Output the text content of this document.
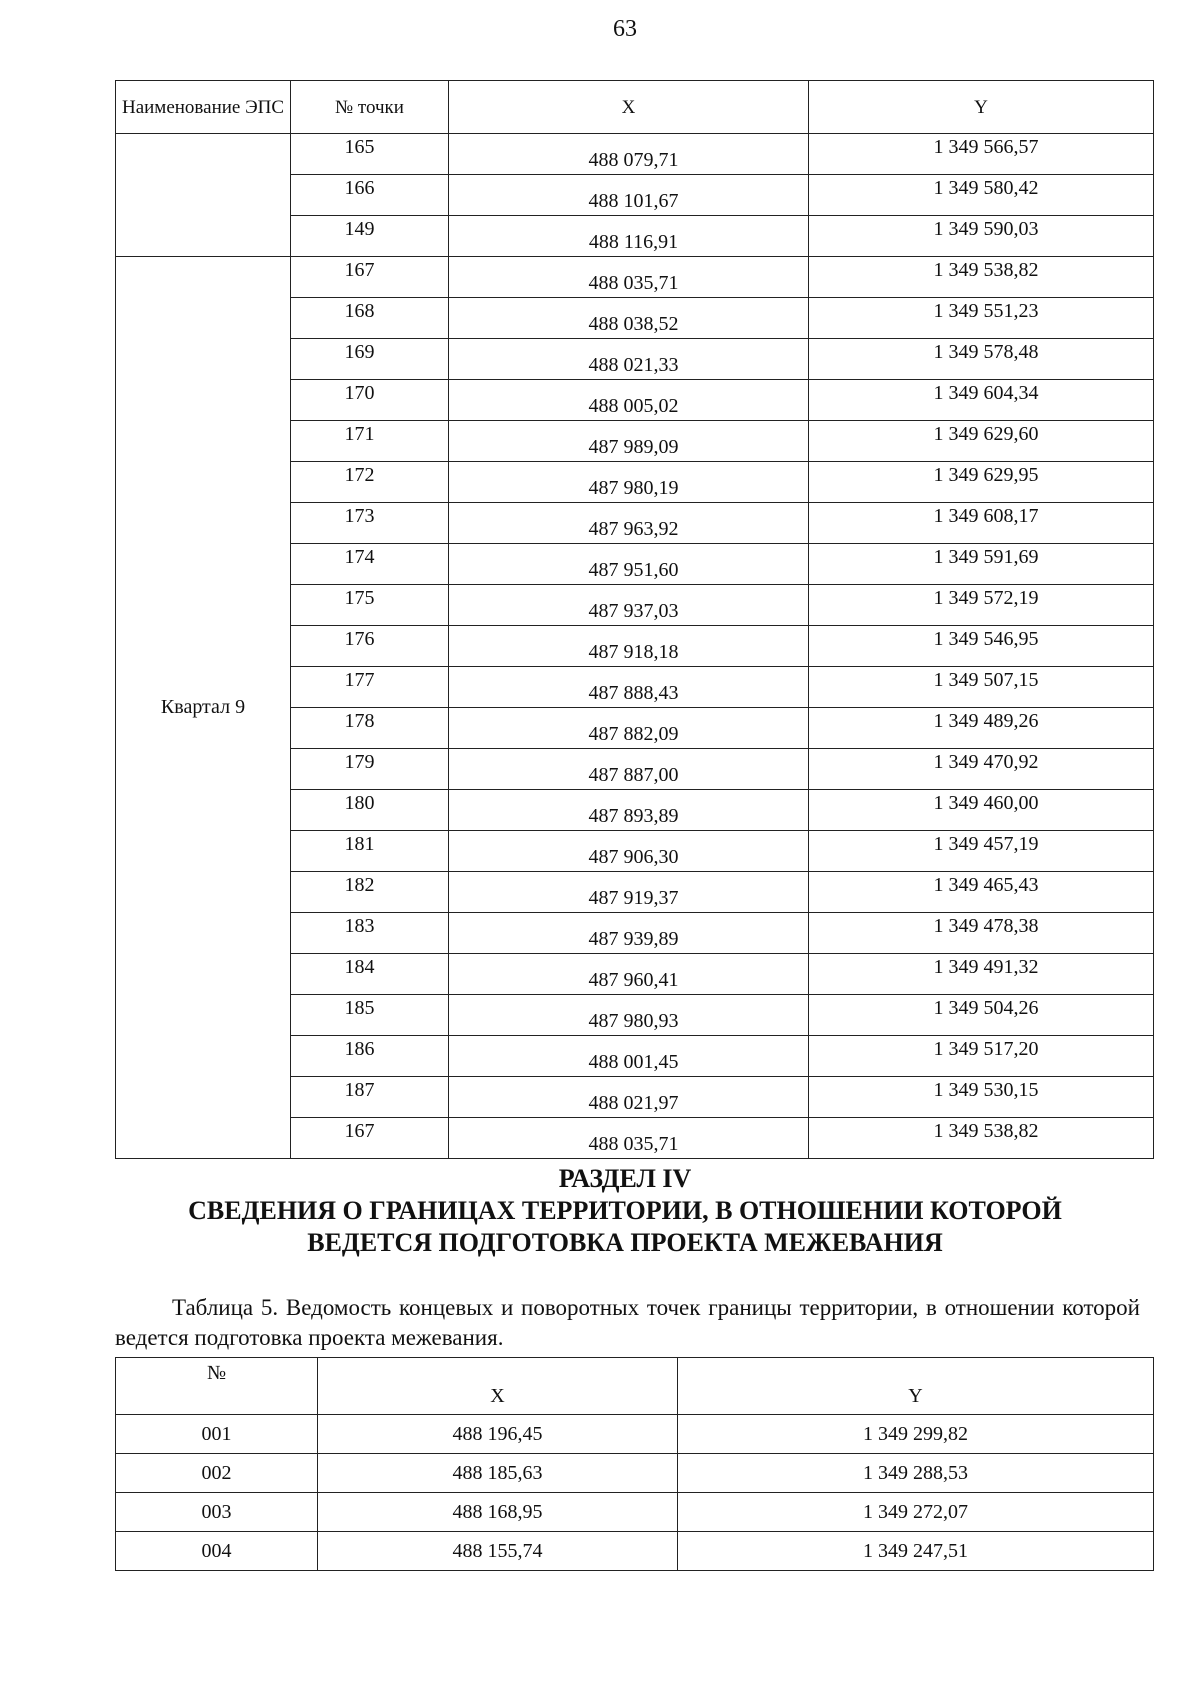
63
Наименование ЭПС	№ точки	X	Y
	165	488 079,71	1 349 566,57
	166	488 101,67	1 349 580,42
	149	488 116,91	1 349 590,03
Квартал 9	167	488 035,71	1 349 538,82
	168	488 038,52	1 349 551,23
	169	488 021,33	1 349 578,48
	170	488 005,02	1 349 604,34
	171	487 989,09	1 349 629,60
	172	487 980,19	1 349 629,95
	173	487 963,92	1 349 608,17
	174	487 951,60	1 349 591,69
	175	487 937,03	1 349 572,19
	176	487 918,18	1 349 546,95
	177	487 888,43	1 349 507,15
	178	487 882,09	1 349 489,26
	179	487 887,00	1 349 470,92
	180	487 893,89	1 349 460,00
	181	487 906,30	1 349 457,19
	182	487 919,37	1 349 465,43
	183	487 939,89	1 349 478,38
	184	487 960,41	1 349 491,32
	185	487 980,93	1 349 504,26
	186	488 001,45	1 349 517,20
	187	488 021,97	1 349 530,15
	167	488 035,71	1 349 538,82
РАЗДЕЛ IV
СВЕДЕНИЯ О ГРАНИЦАХ ТЕРРИТОРИИ, В ОТНОШЕНИИ КОТОРОЙ
ВЕДЕТСЯ ПОДГОТОВКА ПРОЕКТА МЕЖЕВАНИЯ
Таблица 5. Ведомость концевых и поворотных точек границы территории, в отношении которой ведется подготовка проекта межевания.
№	X	Y
001	488 196,45	1 349 299,82
002	488 185,63	1 349 288,53
003	488 168,95	1 349 272,07
004	488 155,74	1 349 247,51
